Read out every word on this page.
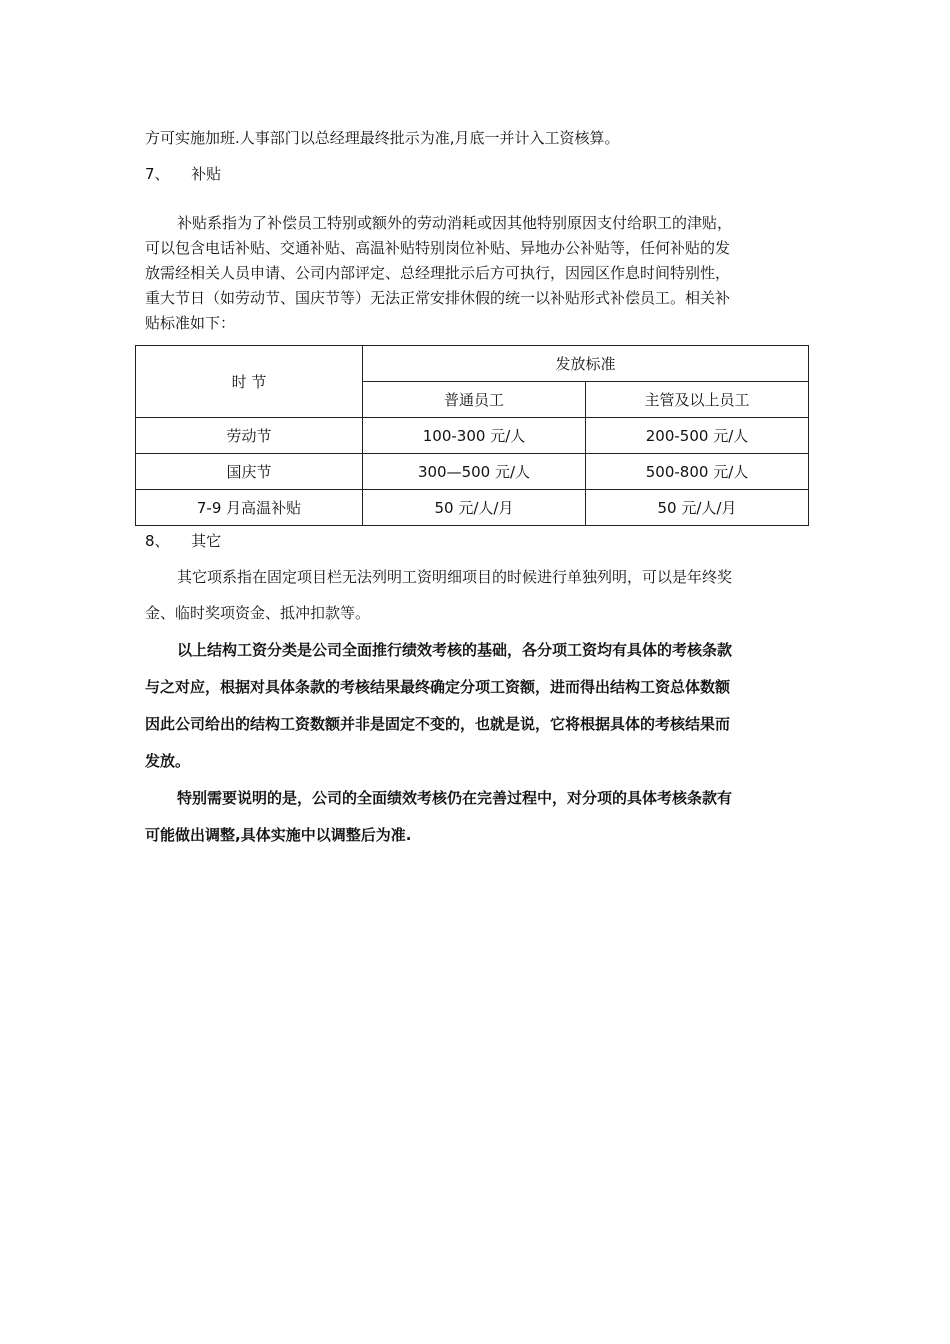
方可实施加班.人事部门以总经理最终批示为准,月底一并计入工资核算。
7、 补贴
补贴系指为了补偿员工特别或额外的劳动消耗或因其他特别原因支付给职工的津贴，
可以包含电话补贴、交通补贴、高温补贴特别岗位补贴、异地办公补贴等，任何补贴的发
放需经相关人员申请、公司内部评定、总经理批示后方可执行，因园区作息时间特别性，
重大节日（如劳动节、国庆节等）无法正常安排休假的统一以补贴形式补偿员工。相关补
贴标准如下：
时 节	发放标准	
	普通员工	主管及以上员工
劳动节	100-300 元/人	200-500 元/人
国庆节	300—500 元/人	500-800 元/人
7-9 月高温补贴	50 元/人/月	50 元/人/月
8、 其它
其它项系指在固定项目栏无法列明工资明细项目的时候进行单独列明，可以是年终奖
金、临时奖项资金、抵冲扣款等。
以上结构工资分类是公司全面推行绩效考核的基础，各分项工资均有具体的考核条款
与之对应，根据对具体条款的考核结果最终确定分项工资额，进而得出结构工资总体数额
因此公司给出的结构工资数额并非是固定不变的，也就是说，它将根据具体的考核结果而
发放。
特别需要说明的是，公司的全面绩效考核仍在完善过程中，对分项的具体考核条款有
可能做出调整,具体实施中以调整后为准.
